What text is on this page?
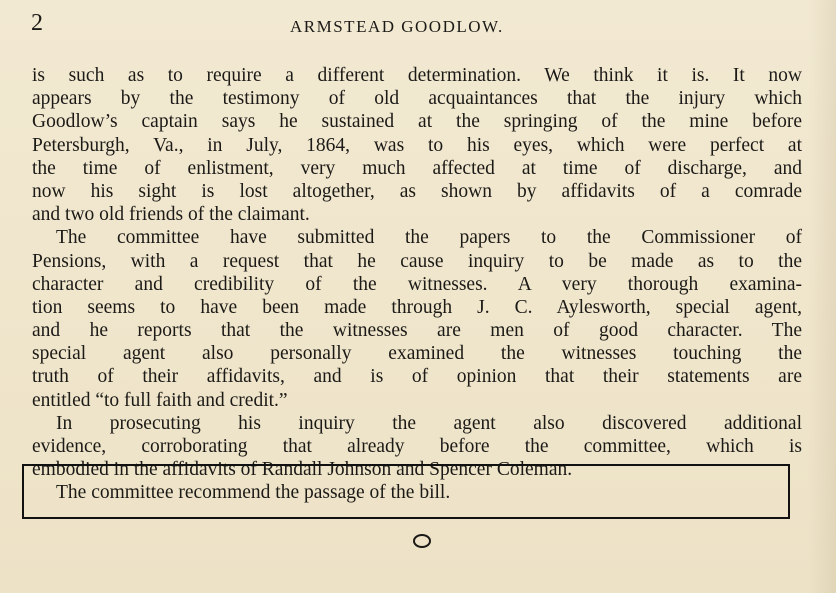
2	ARMSTEAD GOODLOW.
is such as to require a different determination. We think it is. It now
appears by the testimony of old acquaintances that the injury which
Goodlow’s captain says he sustained at the springing of the mine before
Petersburgh, Va., in July, 1864, was to his eyes, which were perfect at
the time of enlistment, very much affected at time of discharge, and
now his sight is lost altogether, as shown by affidavits of a comrade
and two old friends of the claimant.
The committee have submitted the papers to the Commissioner of
Pensions, with a request that he cause inquiry to be made as to the
character and credibility of the witnesses. A very thorough examina-
tion seems to have been made through J. C. Aylesworth, special agent,
and he reports that the witnesses are men of good character. The
special agent also personally examined the witnesses touching the
truth of their affidavits, and is of opinion that their statements are
entitled “to full faith and credit.”
In prosecuting his inquiry the agent also discovered additional
evidence, corroborating that already before the committee, which is
embodied in the affidavits of Randall Johnson and Spencer Coleman.
The committee recommend the passage of the bill.
